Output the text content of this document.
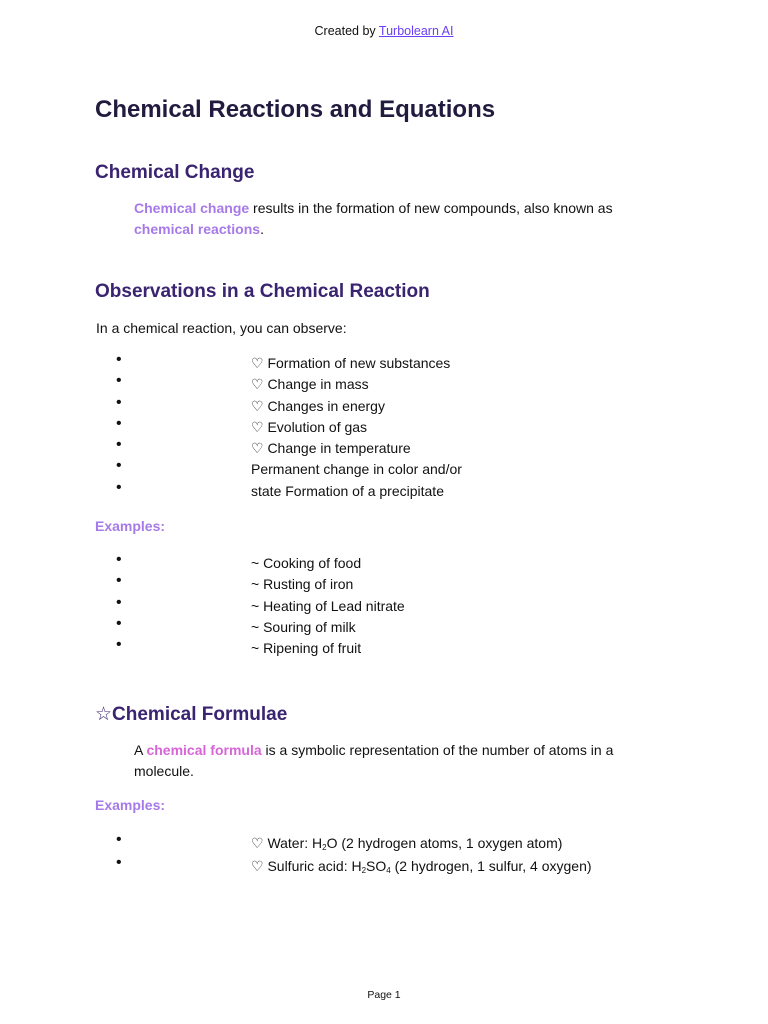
Created by Turbolearn AI
Chemical Reactions and Equations
Chemical Change
Chemical change results in the formation of new compounds, also known as chemical reactions.
Observations in a Chemical Reaction
In a chemical reaction, you can observe:
•	♡ Formation of new substances
•	♡ Change in mass
•	♡ Changes in energy
•	♡ Evolution of gas
•	♡ Change in temperature
•	Permanent change in color and/or
•	state Formation of a precipitate
Examples:
•	~ Cooking of food
•	~ Rusting of iron
•	~ Heating of Lead nitrate
•	~ Souring of milk
•	~ Ripening of fruit
☆Chemical Formulae
A chemical formula is a symbolic representation of the number of atoms in a molecule.
Examples:
•	♡ Water: $H_2O$ (2 hydrogen atoms, 1 oxygen atom)
•	♡ Sulfuric acid: $H_2SO_4$ (2 hydrogen, 1 sulfur, 4 oxygen)
Page 1
